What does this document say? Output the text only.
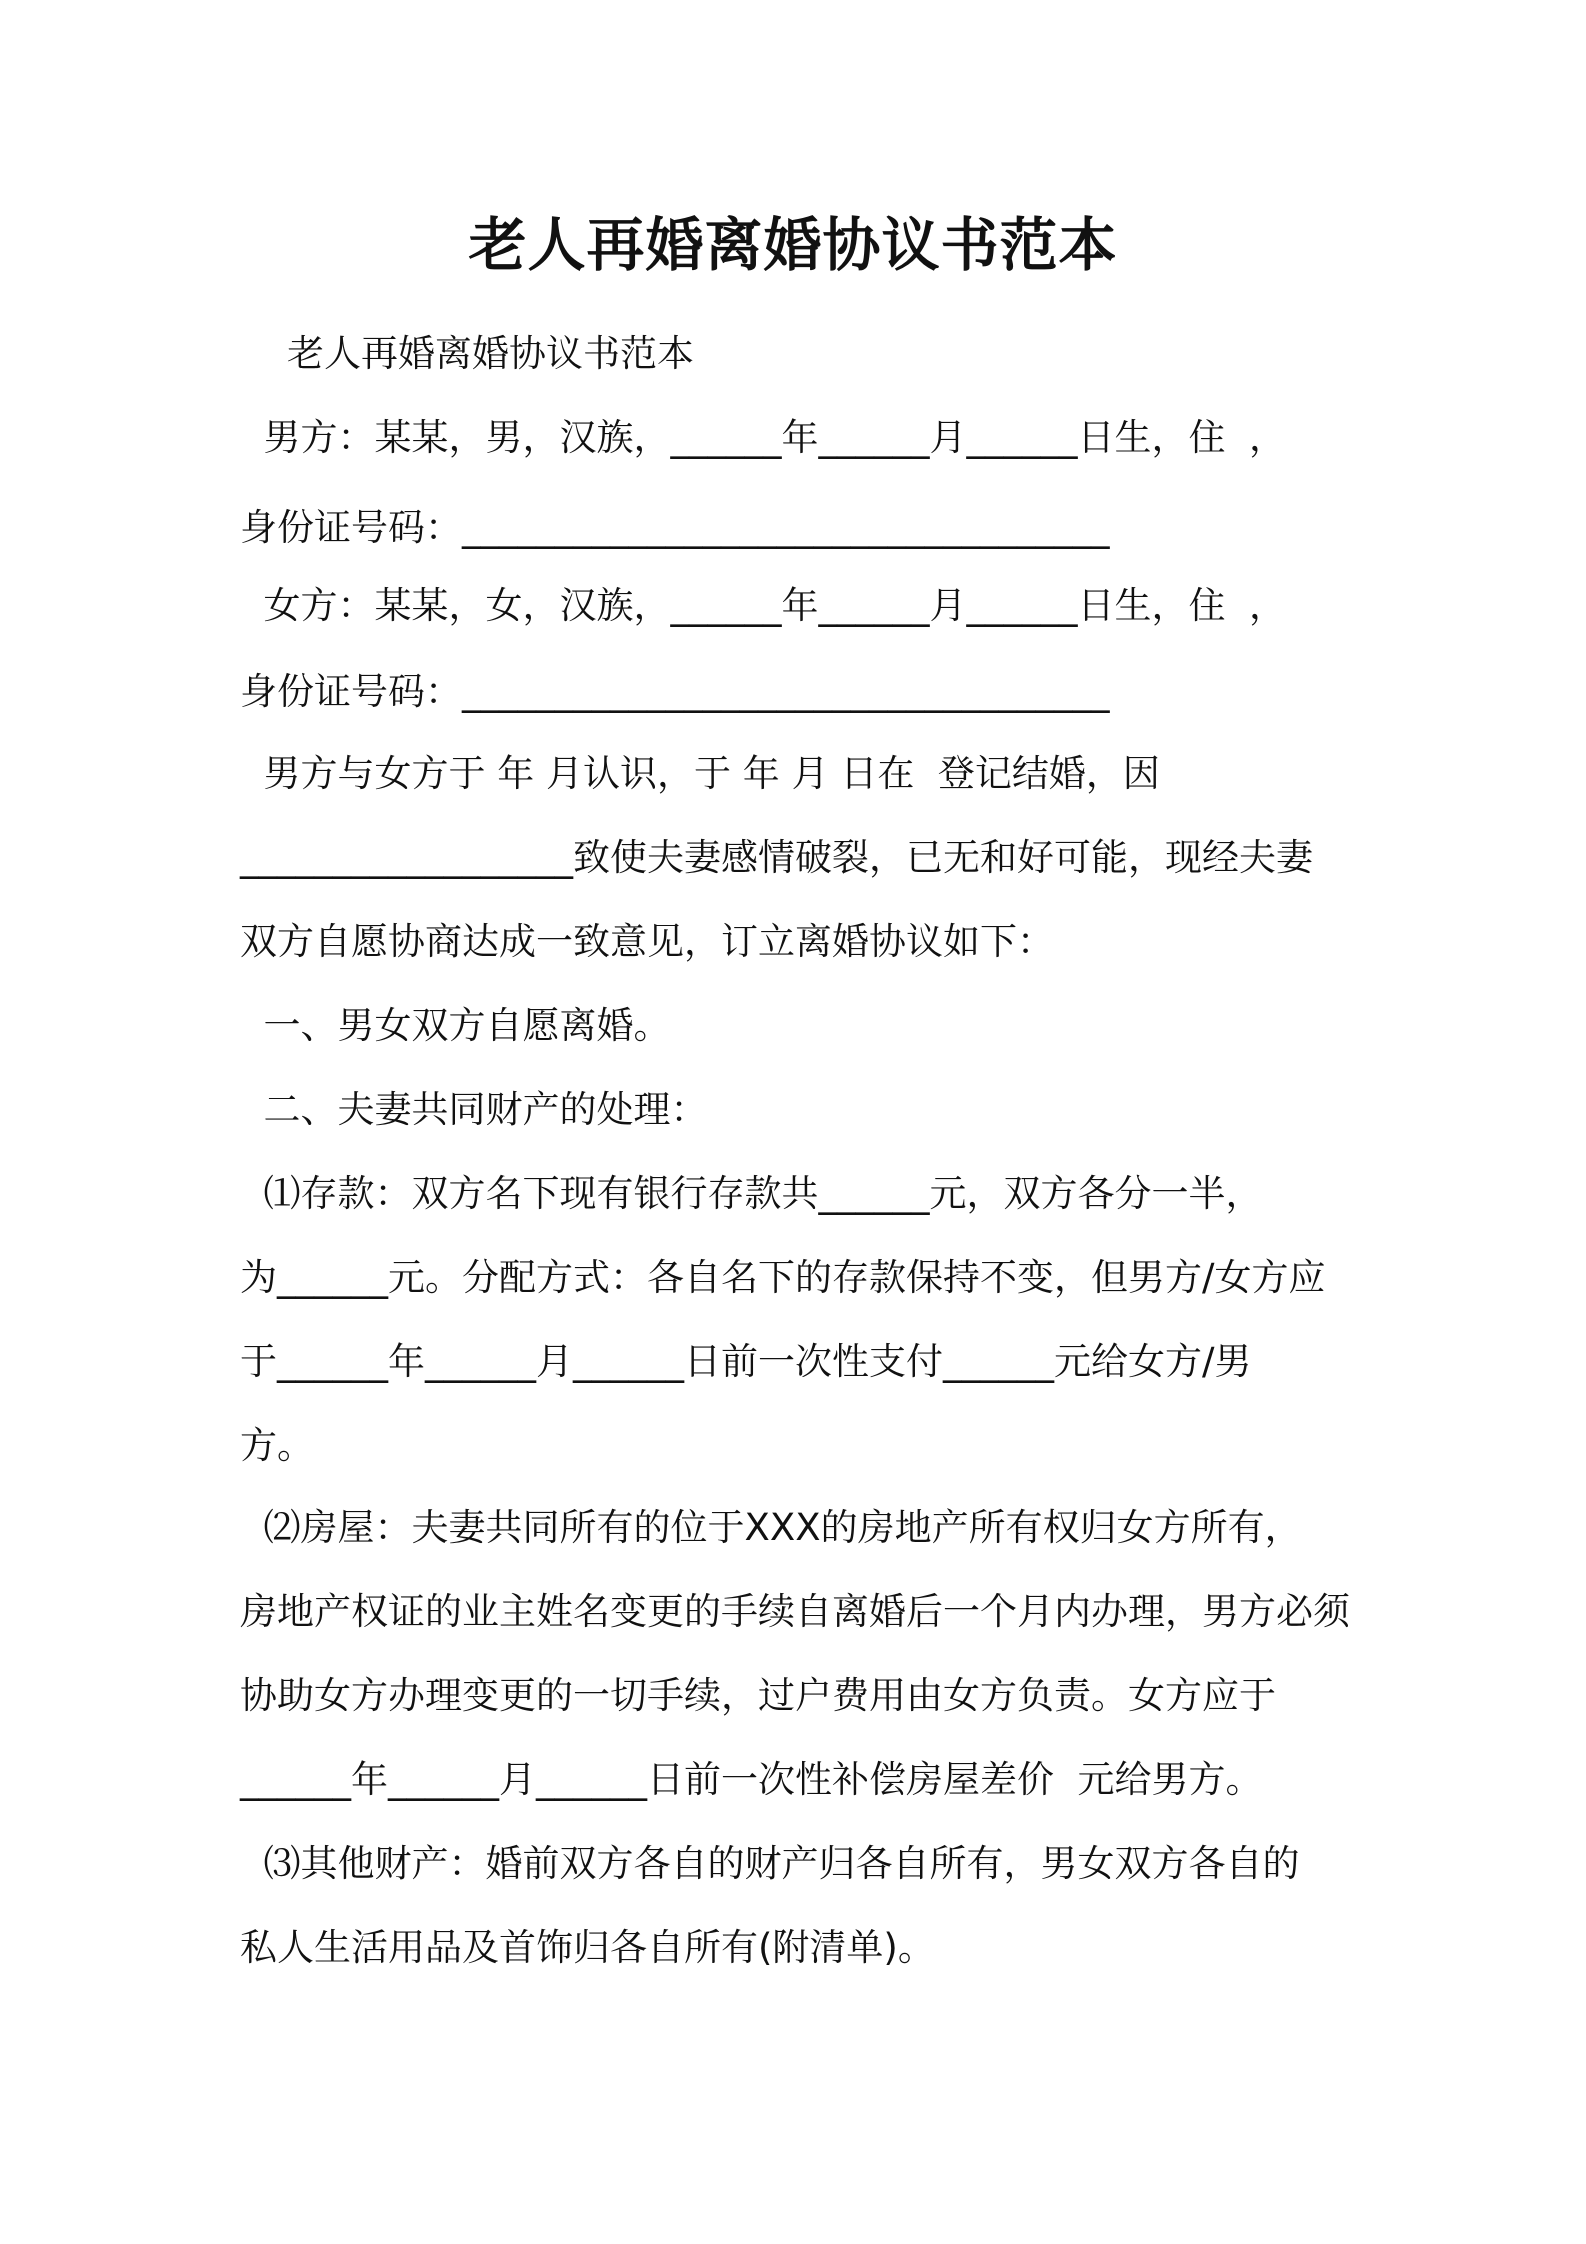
老人再婚离婚协议书范本

老人再婚离婚协议书范本

男方：某某，男，汉族，______年______月______日生，住  ，

身份证号码：___________________________________

女方：某某，女，汉族，______年______月______日生，住  ，

身份证号码：___________________________________

男方与女方于 年 月认识，于 年 月 日在  登记结婚，因

__________________致使夫妻感情破裂，已无和好可能，现经夫妻

双方自愿协商达成一致意见，订立离婚协议如下：

一、男女双方自愿离婚。

二、夫妻共同财产的处理：

⑴存款：双方名下现有银行存款共______元，双方各分一半，

为______元。分配方式：各自名下的存款保持不变，但男方/女方应

于______年______月______日前一次性支付______元给女方/男

方。

⑵房屋：夫妻共同所有的位于XXX的房地产所有权归女方所有，

房地产权证的业主姓名变更的手续自离婚后一个月内办理，男方必须

协助女方办理变更的一切手续，过户费用由女方负责。女方应于

______年______月______日前一次性补偿房屋差价  元给男方。

⑶其他财产：婚前双方各自的财产归各自所有，男女双方各自的

私人生活用品及首饰归各自所有(附清单)。
